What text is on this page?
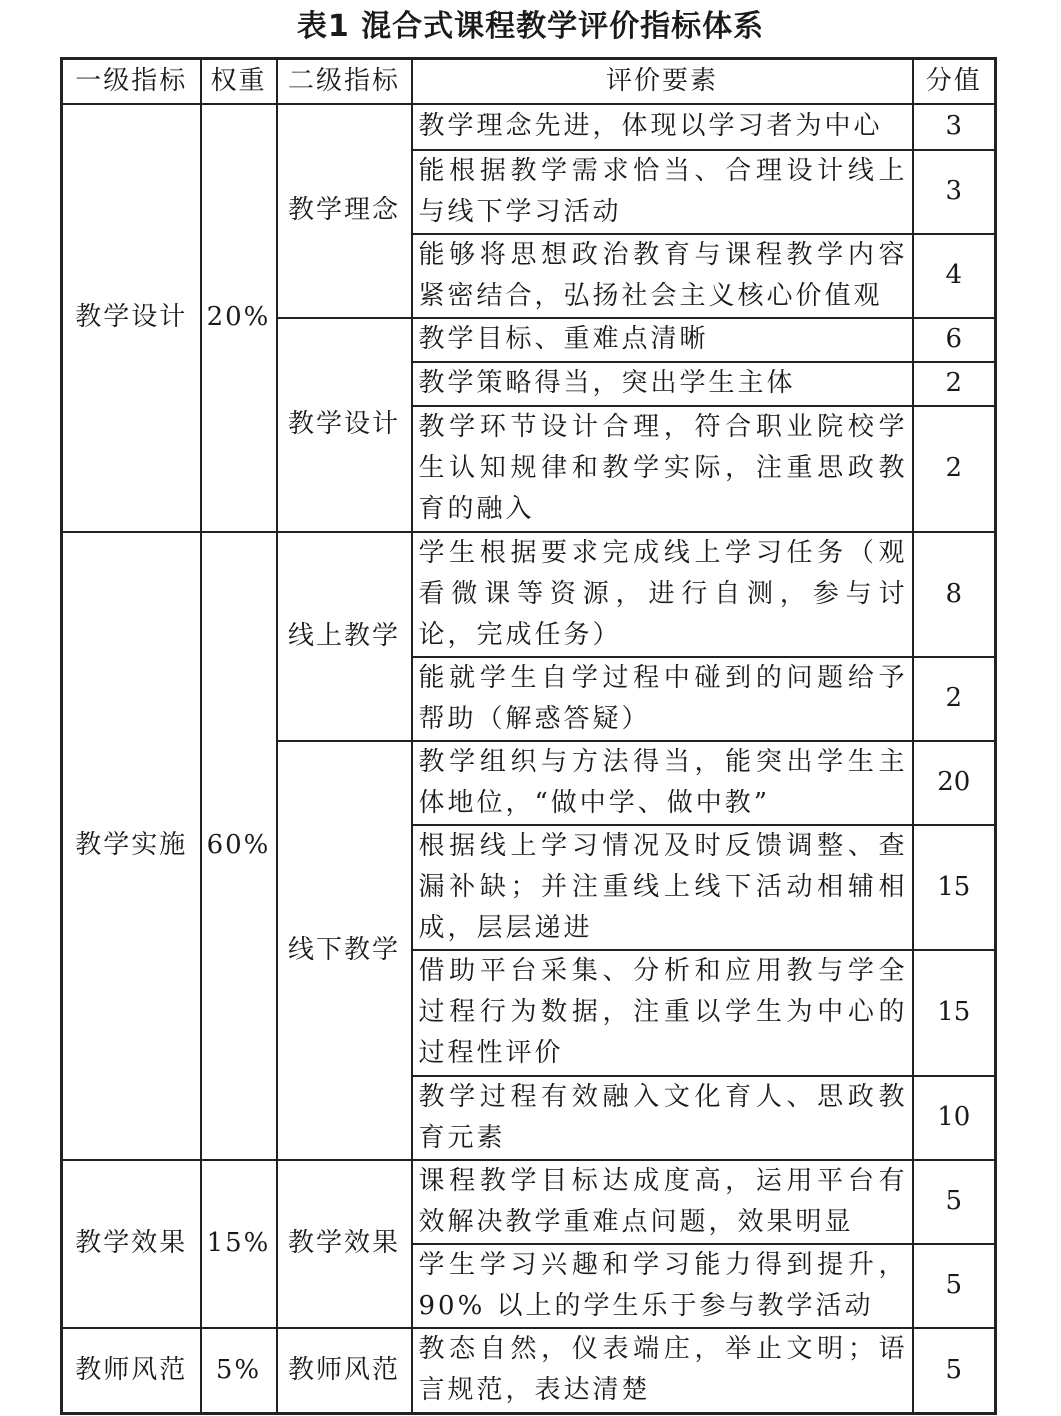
表1 混合式课程教学评价指标体系
一级指标	权重	二级指标	评价要素	分值
教学设计	20%	教学理念	教学理念先进，体现以学习者为中心	3
			能根据教学需求恰当、合理设计线上与线下学习活动	3
			能够将思想政治教育与课程教学内容紧密结合，弘扬社会主义核心价值观	4
		教学设计	教学目标、重难点清晰	6
			教学策略得当，突出学生主体	2
			教学环节设计合理，符合职业院校学生认知规律和教学实际，注重思政教育的融入	2
教学实施	60%	线上教学	学生根据要求完成线上学习任务（观看微课等资源，进行自测，参与讨论，完成任务）	8
			能就学生自学过程中碰到的问题给予帮助（解惑答疑）	2
		线下教学	教学组织与方法得当，能突出学生主体地位，“做中学、做中教”	20
			根据线上学习情况及时反馈调整、查漏补缺；并注重线上线下活动相辅相成，层层递进	15
			借助平台采集、分析和应用教与学全过程行为数据，注重以学生为中心的过程性评价	15
			教学过程有效融入文化育人、思政教育元素	10
教学效果	15%	教学效果	课程教学目标达成度高，运用平台有效解决教学重难点问题，效果明显	5
			学生学习兴趣和学习能力得到提升，90% 以上的学生乐于参与教学活动	5
教师风范	5%	教师风范	教态自然，仪表端庄，举止文明；语言规范，表达清楚	5
